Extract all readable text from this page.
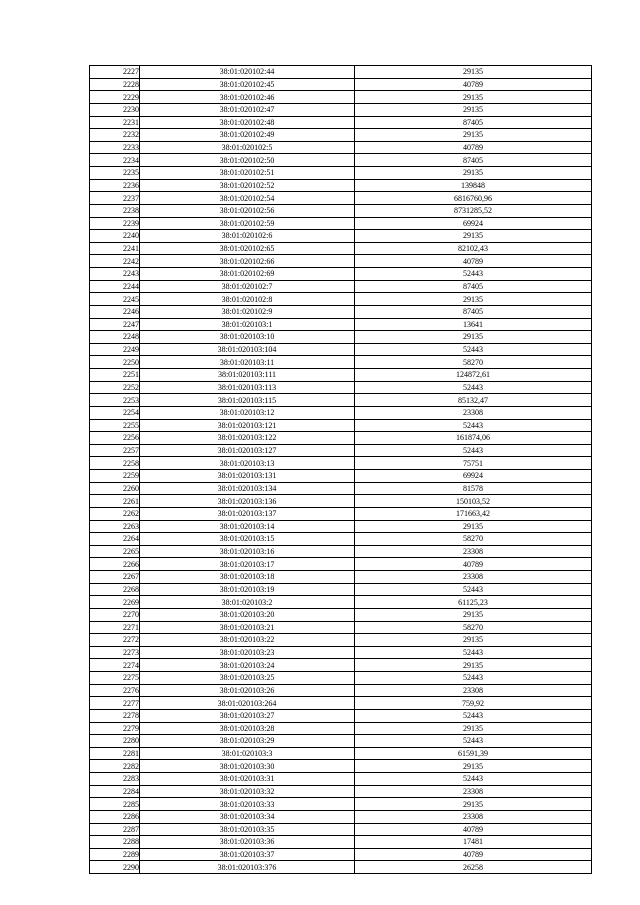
2227	38:01:020102:44	29135
2228	38:01:020102:45	40789
2229	38:01:020102:46	29135
2230	38:01:020102:47	29135
2231	38:01:020102:48	87405
2232	38:01:020102:49	29135
2233	38:01:020102:5	40789
2234	38:01:020102:50	87405
2235	38:01:020102:51	29135
2236	38:01:020102:52	139848
2237	38:01:020102:54	6816760,96
2238	38:01:020102:56	8731285,52
2239	38:01:020102:59	69924
2240	38:01:020102:6	29135
2241	38:01:020102:65	82102,43
2242	38:01:020102:66	40789
2243	38:01:020102:69	52443
2244	38:01:020102:7	87405
2245	38:01:020102:8	29135
2246	38:01:020102:9	87405
2247	38:01:020103:1	13641
2248	38:01:020103:10	29135
2249	38:01:020103:104	52443
2250	38:01:020103:11	58270
2251	38:01:020103:111	124872,61
2252	38:01:020103:113	52443
2253	38:01:020103:115	85132,47
2254	38:01:020103:12	23308
2255	38:01:020103:121	52443
2256	38:01:020103:122	161874,06
2257	38:01:020103:127	52443
2258	38:01:020103:13	75751
2259	38:01:020103:131	69924
2260	38:01:020103:134	81578
2261	38:01:020103:136	150103,52
2262	38:01:020103:137	171663,42
2263	38:01:020103:14	29135
2264	38:01:020103:15	58270
2265	38:01:020103:16	23308
2266	38:01:020103:17	40789
2267	38:01:020103:18	23308
2268	38:01:020103:19	52443
2269	38:01:020103:2	61125,23
2270	38:01:020103:20	29135
2271	38:01:020103:21	58270
2272	38:01:020103:22	29135
2273	38:01:020103:23	52443
2274	38:01:020103:24	29135
2275	38:01:020103:25	52443
2276	38:01:020103:26	23308
2277	38:01:020103:264	759,92
2278	38:01:020103:27	52443
2279	38:01:020103:28	29135
2280	38:01:020103:29	52443
2281	38:01:020103:3	61591,39
2282	38:01:020103:30	29135
2283	38:01:020103:31	52443
2284	38:01:020103:32	23308
2285	38:01:020103:33	29135
2286	38:01:020103:34	23308
2287	38:01:020103:35	40789
2288	38:01:020103:36	17481
2289	38:01:020103:37	40789
2290	38:01:020103:376	26258
